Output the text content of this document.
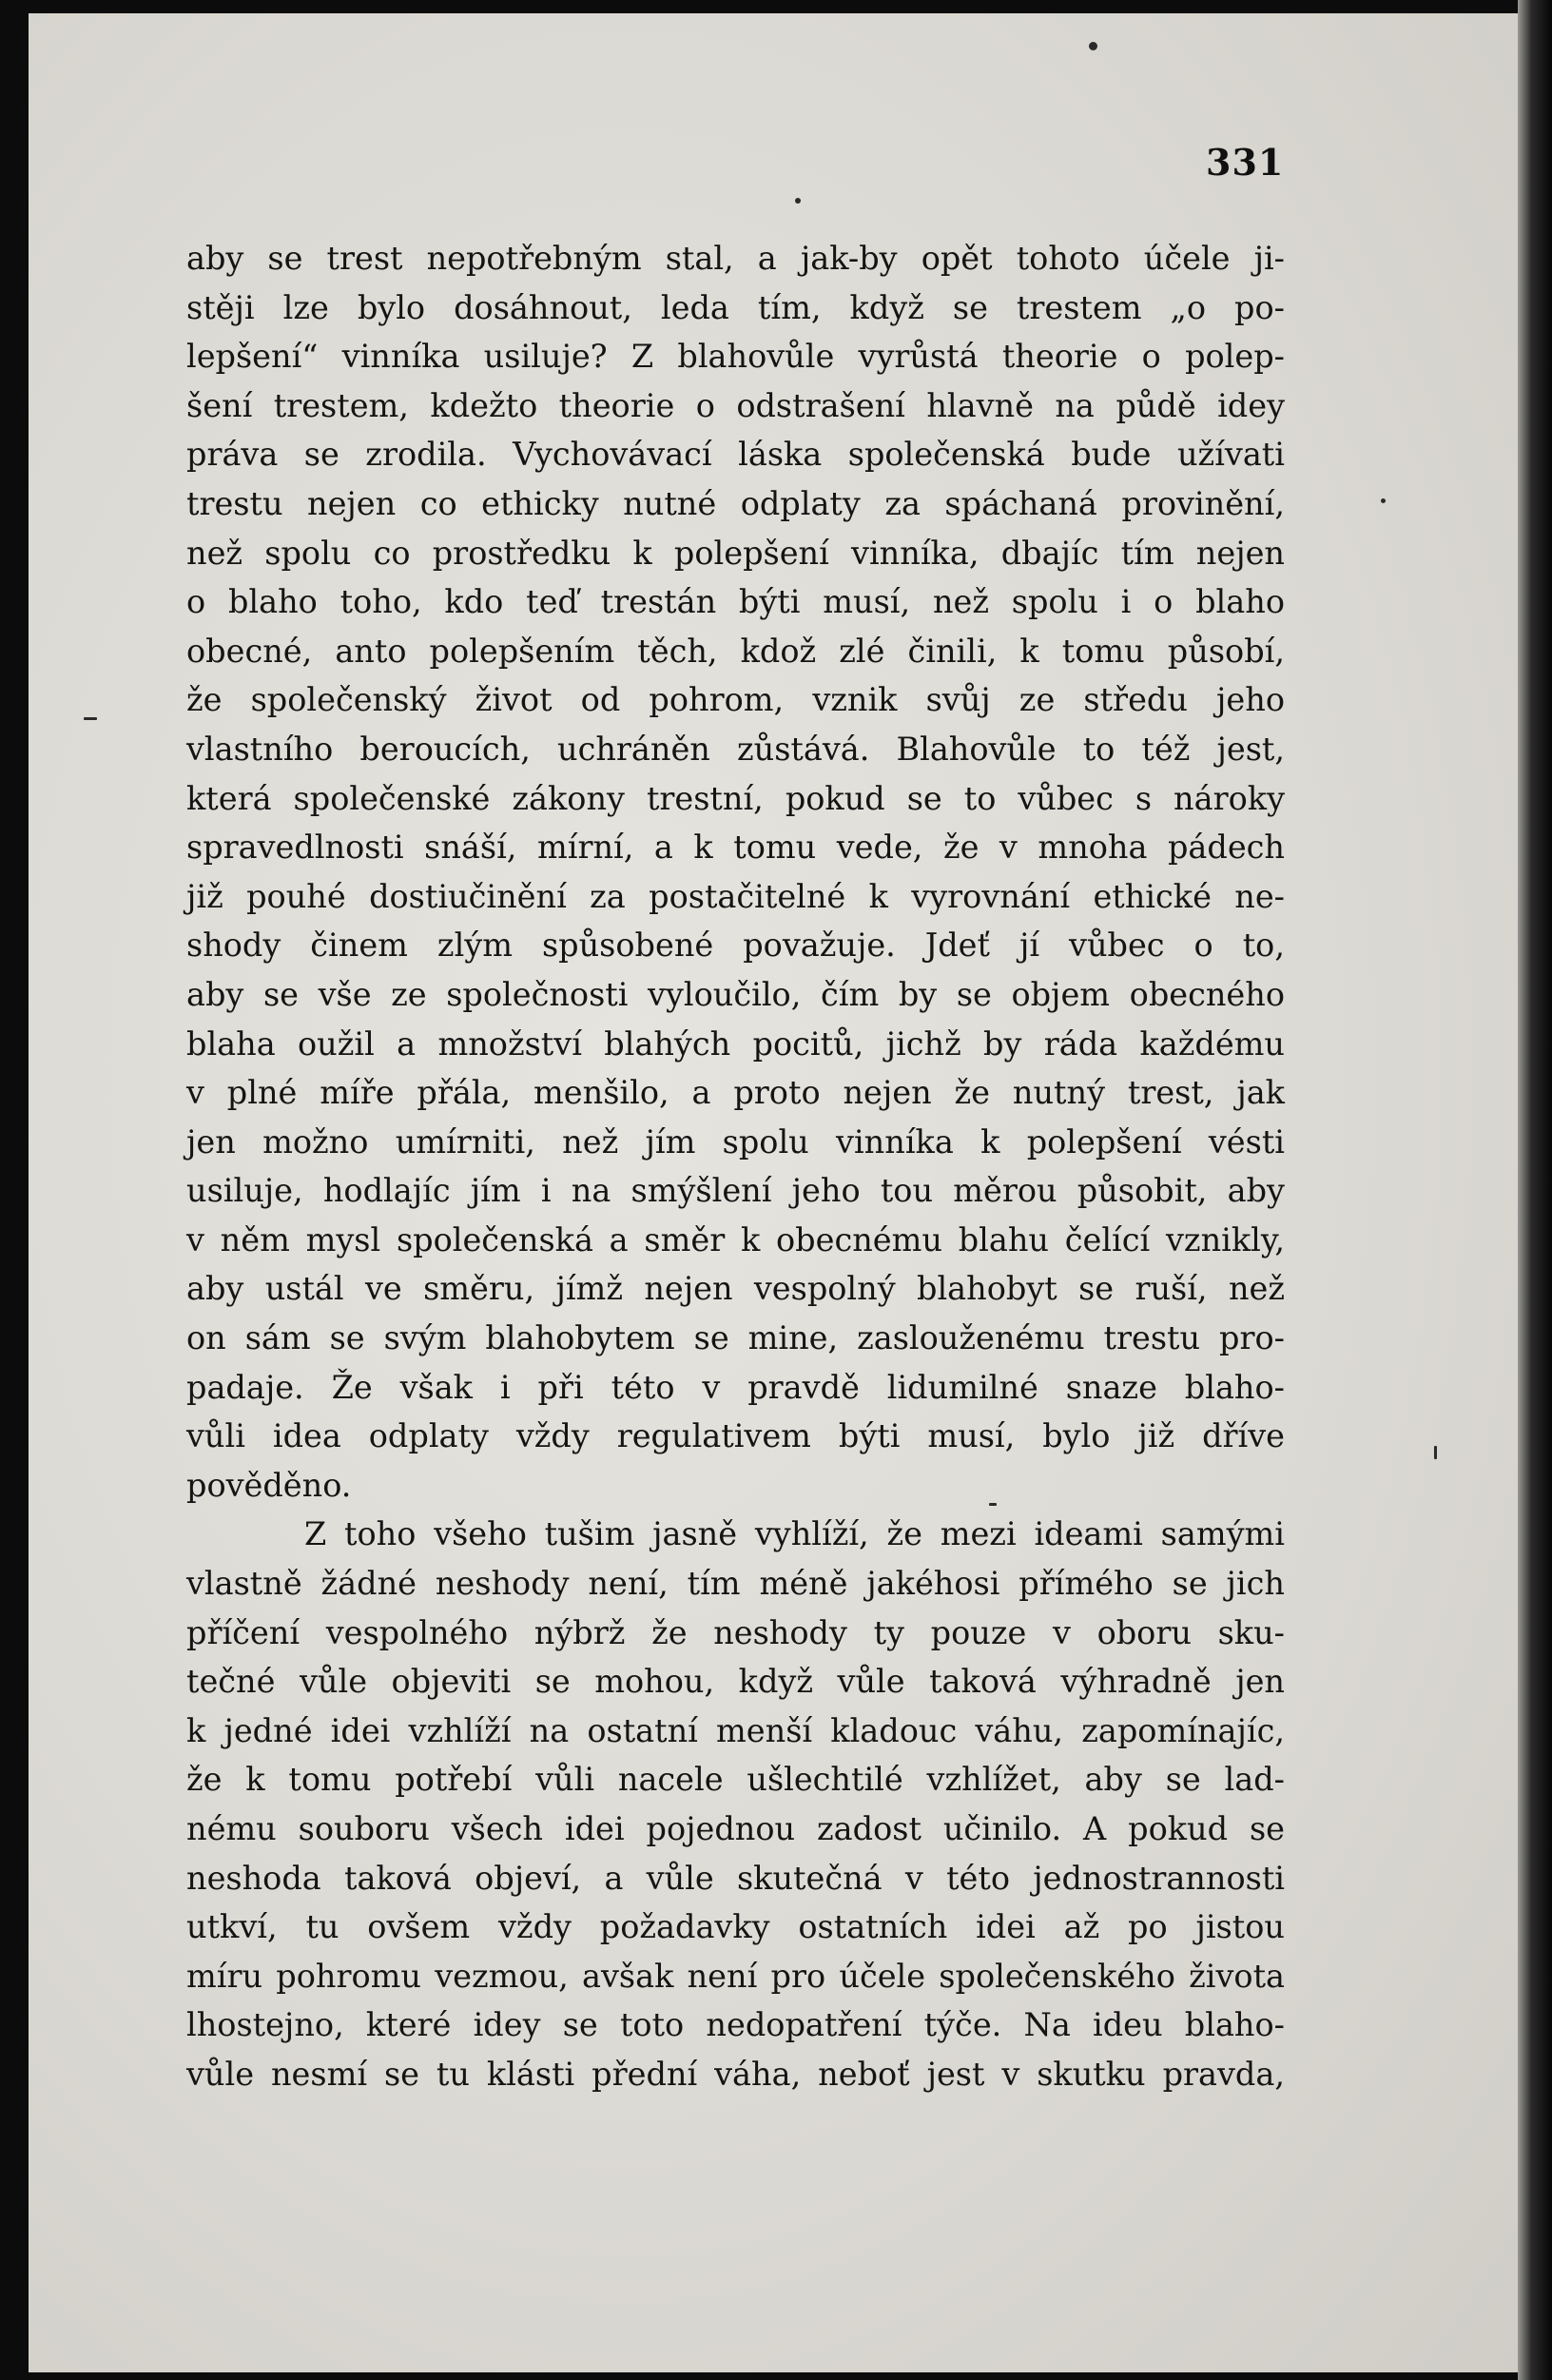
331
aby se trest nepotřebným stal, a jak-by opět tohoto účele ji-
stěji lze bylo dosáhnout, leda tím, když se trestem „o po-
lepšení“ vinníka usiluje? Z blahovůle vyrůstá theorie o polep-
šení trestem, kdežto theorie o odstrašení hlavně na půdě idey
práva se zrodila. Vychovávací láska společenská bude užívati
trestu nejen co ethicky nutné odplaty za spáchaná provinění,
než spolu co prostředku k polepšení vinníka, dbajíc tím nejen
o blaho toho, kdo teď trestán býti musí, než spolu i o blaho
obecné, anto polepšením těch, kdož zlé činili, k tomu působí,
že společenský život od pohrom, vznik svůj ze středu jeho
vlastního beroucích, uchráněn zůstává. Blahovůle to též jest,
která společenské zákony trestní, pokud se to vůbec s nároky
spravedlnosti snáší, mírní, a k tomu vede, že v mnoha pádech
již pouhé dostiučinění za postačitelné k vyrovnání ethické ne-
shody činem zlým spůsobené považuje. Jdeť jí vůbec o to,
aby se vše ze společnosti vyloučilo, čím by se objem obecného
blaha oužil a množství blahých pocitů, jichž by ráda každému
v plné míře přála, menšilo, a proto nejen že nutný trest, jak
jen možno umírniti, než jím spolu vinníka k polepšení vésti
usiluje, hodlajíc jím i na smýšlení jeho tou měrou působit, aby
v něm mysl společenská a směr k obecnému blahu čelící vznikly,
aby ustál ve směru, jímž nejen vespolný blahobyt se ruší, než
on sám se svým blahobytem se mine, zaslouženému trestu pro-
padaje. Že však i při této v pravdě lidumilné snaze blaho-
vůli idea odplaty vždy regulativem býti musí, bylo již dříve
pověděno.
Z toho všeho tušim jasně vyhlíží, že mezi ideami samými
vlastně žádné neshody není, tím méně jakéhosi přímého se jich
příčení vespolného nýbrž že neshody ty pouze v oboru sku-
tečné vůle objeviti se mohou, když vůle taková výhradně jen
k jedné idei vzhlíží na ostatní menší kladouc váhu, zapomínajíc,
že k tomu potřebí vůli nacele ušlechtilé vzhlížet, aby se lad-
nému souboru všech idei pojednou zadost učinilo. A pokud se
neshoda taková objeví, a vůle skutečná v této jednostrannosti
utkví, tu ovšem vždy požadavky ostatních idei až po jistou
míru pohromu vezmou, avšak není pro účele společenského života
lhostejno, které idey se toto nedopatření týče. Na ideu blaho-
vůle nesmí se tu klásti přední váha, neboť jest v skutku pravda,
